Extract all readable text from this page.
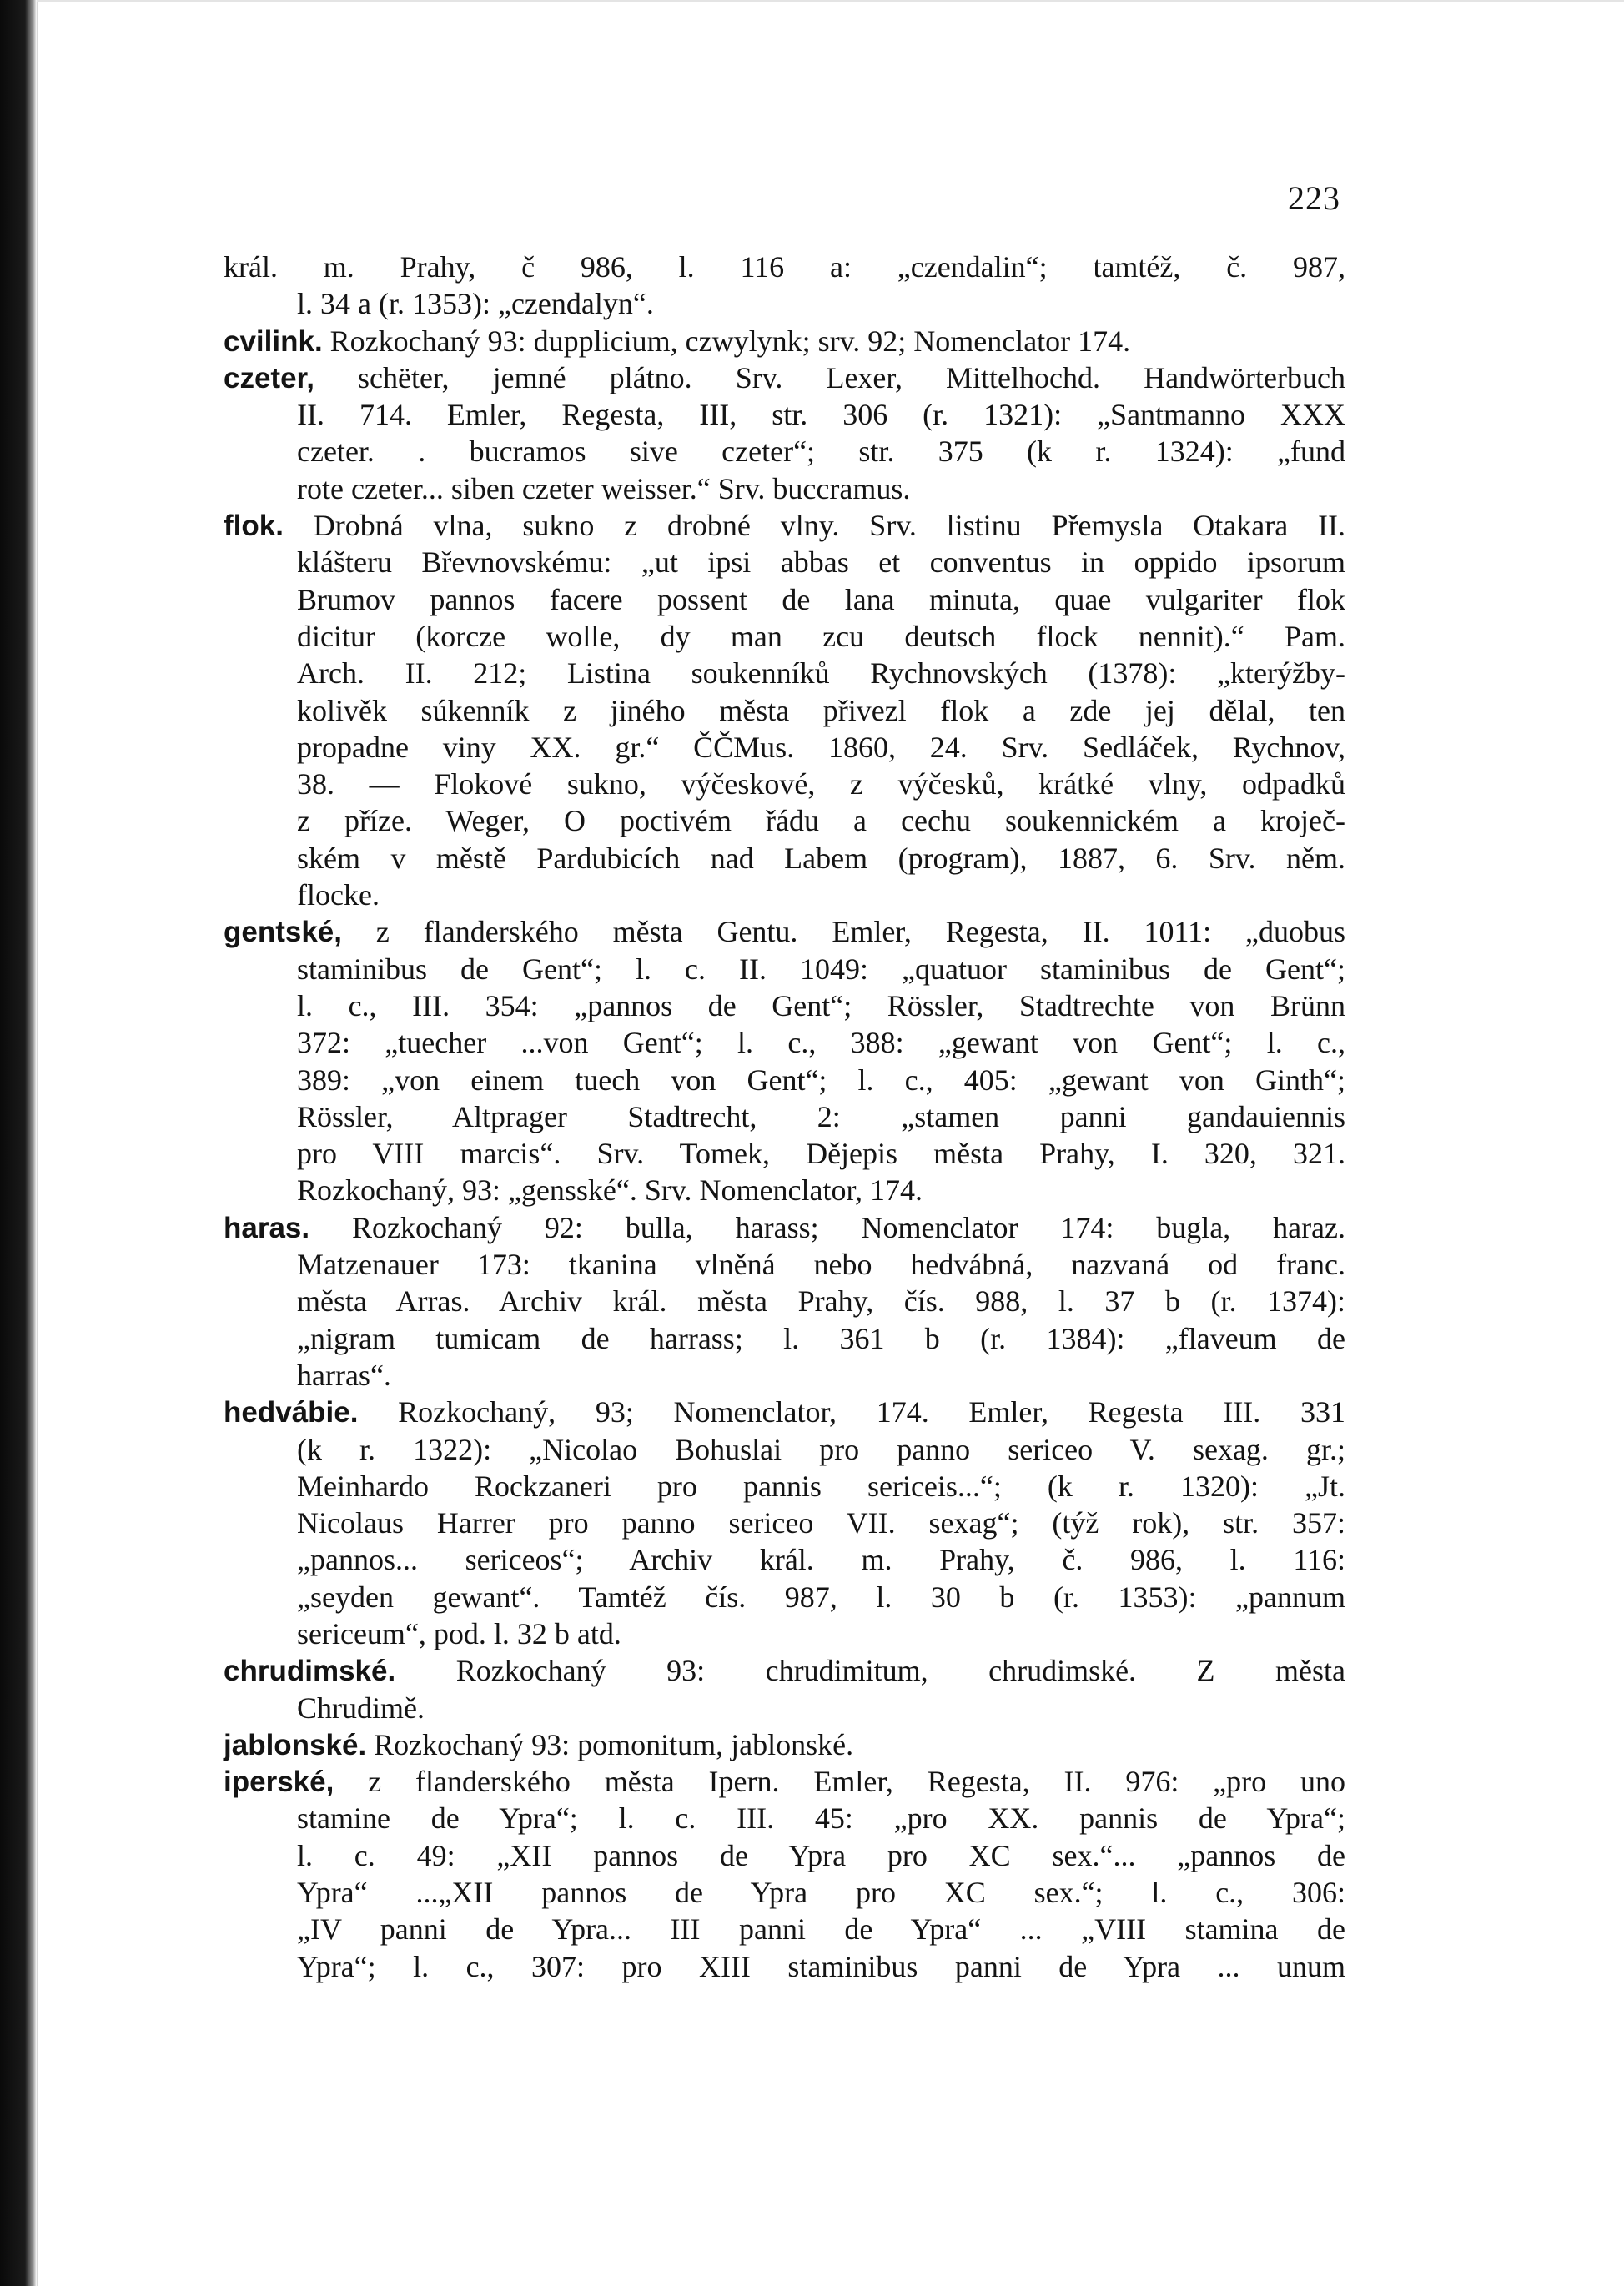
223
král. m. Prahy, č 986, l. 116 a: „czendalin“; tamtéž, č. 987,
l. 34 a (r. 1353): „czendalyn“.
cvilink. Rozkochaný 93: dupplicium, czwylynk; srv. 92; Nomenclator 174.
czeter, schëter, jemné plátno. Srv. Lexer, Mittelhochd. Handwörterbuch
II. 714. Emler, Regesta, III, str. 306 (r. 1321): „Santmanno XXX
czeter. . bucramos sive czeter“; str. 375 (k r. 1324): „fund
rote czeter... siben czeter weisser.“ Srv. buccramus.
flok. Drobná vlna, sukno z drobné vlny. Srv. listinu Přemysla Otakara II.
klášteru Břevnovskému: „ut ipsi abbas et conventus in oppido ipsorum
Brumov pannos facere possent de lana minuta, quae vulgariter flok
dicitur (korcze wolle, dy man zcu deutsch flock nennit).“ Pam.
Arch. II. 212; Listina soukenníků Rychnovských (1378): „kterýžby-
kolivěk súkenník z jiného města přivezl flok a zde jej dělal, ten
propadne viny XX. gr.“ ČČMus. 1860, 24. Srv. Sedláček, Rychnov,
38. — Flokové sukno, výčeskové, z výčesků, krátké vlny, odpadků
z příze. Weger, O poctivém řádu a cechu soukennickém a kroječ-
ském v městě Pardubicích nad Labem (program), 1887, 6. Srv. něm.
flocke.
gentské, z flanderského města Gentu. Emler, Regesta, II. 1011: „duobus
staminibus de Gent“; l. c. II. 1049: „quatuor staminibus de Gent“;
l. c., III. 354: „pannos de Gent“; Rössler, Stadtrechte von Brünn
372: „tuecher ...von Gent“; l. c., 388: „gewant von Gent“; l. c.,
389: „von einem tuech von Gent“; l. c., 405: „gewant von Ginth“;
Rössler, Altprager Stadtrecht, 2: „stamen panni gandauiennis
pro VIII marcis“. Srv. Tomek, Dějepis města Prahy, I. 320, 321.
Rozkochaný, 93: „gensské“. Srv. Nomenclator, 174.
haras. Rozkochaný 92: bulla, harass; Nomenclator 174: bugla, haraz.
Matzenauer 173: tkanina vlněná nebo hedvábná, nazvaná od franc.
města Arras. Archiv král. města Prahy, čís. 988, l. 37 b (r. 1374):
„nigram tumicam de harrass; l. 361 b (r. 1384): „flaveum de
harras“.
hedvábie. Rozkochaný, 93; Nomenclator, 174. Emler, Regesta III. 331
(k r. 1322): „Nicolao Bohuslai pro panno sericeo V. sexag. gr.;
Meinhardo Rockzaneri pro pannis sericeis...“; (k r. 1320): „Jt.
Nicolaus Harrer pro panno sericeo VII. sexag“; (týž rok), str. 357:
„pannos... sericeos“; Archiv král. m. Prahy, č. 986, l. 116:
„seyden gewant“. Tamtéž čís. 987, l. 30 b (r. 1353): „pannum
sericeum“, pod. l. 32 b atd.
chrudimské. Rozkochaný 93: chrudimitum, chrudimské. Z města
Chrudimě.
jablonské. Rozkochaný 93: pomonitum, jablonské.
iperské, z flanderského města Ipern. Emler, Regesta, II. 976: „pro uno
stamine de Ypra“; l. c. III. 45: „pro XX. pannis de Ypra“;
l. c. 49: „XII pannos de Ypra pro XC sex.“... „pannos de
Ypra“ ...„XII pannos de Ypra pro XC sex.“; l. c., 306:
„IV panni de Ypra... III panni de Ypra“ ... „VIII stamina de
Ypra“; l. c., 307: pro XIII staminibus panni de Ypra ... unum
